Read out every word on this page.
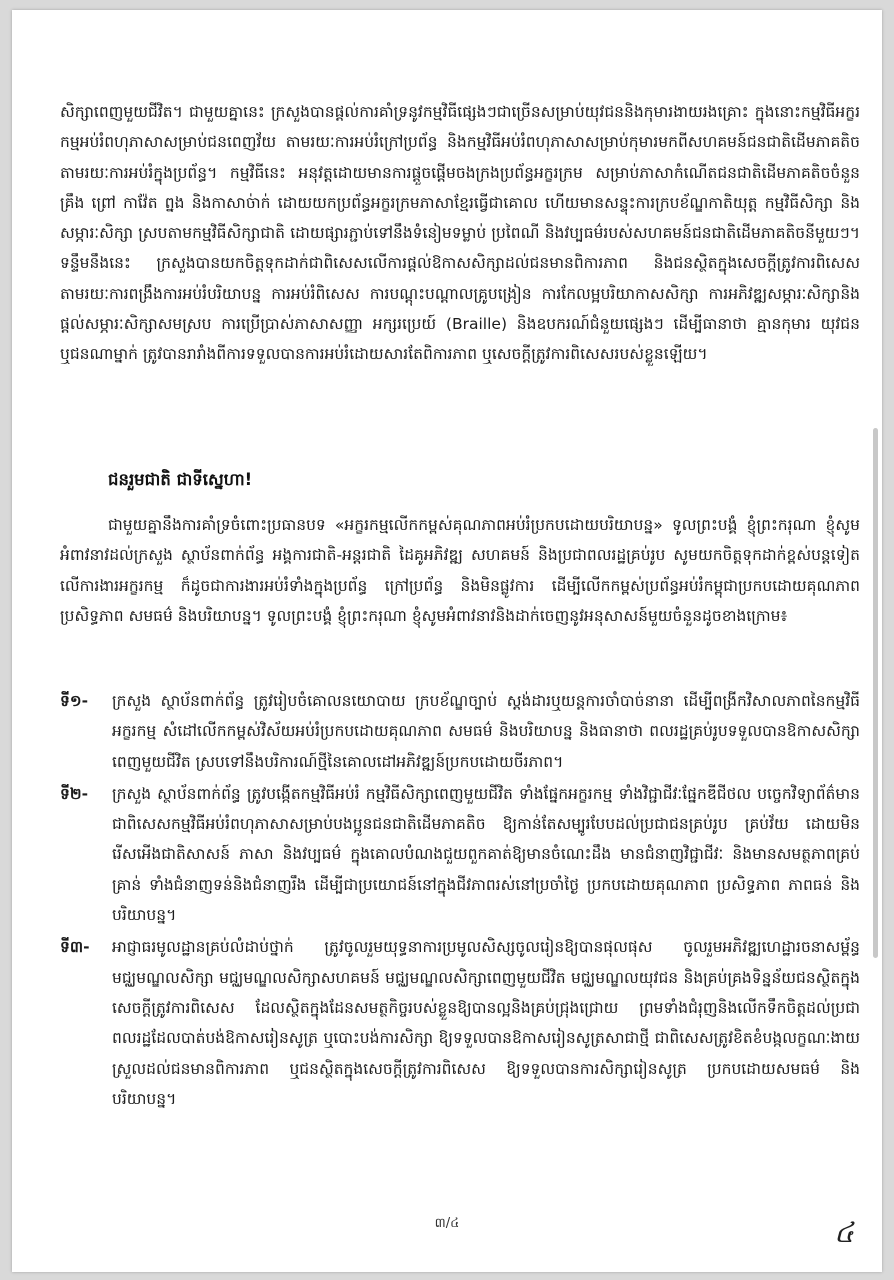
សិក្សាពេញមួយជីវិត។ ជាមួយគ្នានេះ ក្រសួងបានផ្តល់ការគាំទ្រនូវកម្មវិធីផ្សេងៗជាច្រើនសម្រាប់យុវជននិងកុមារងាយរងគ្រោះ ក្នុងនោះកម្មវិធីអក្ខរកម្មអប់រំពហុភាសាសម្រាប់ជនពេញវ័យ តាមរយៈការអប់រំក្រៅប្រព័ន្ធ និងកម្មវិធីអប់រំពហុភាសាសម្រាប់កុមារមកពីសហគមន៍ជនជាតិដើមភាគតិច តាមរយៈការអប់រំក្នុងប្រព័ន្ធ។ កម្មវិធីនេះ អនុវត្តដោយមានការផ្តួចផ្តើមចងក្រងប្រព័ន្ធអក្ខរក្រម សម្រាប់ភាសាកំណើតជនជាតិដើមភាគតិចចំនួន គ្រឹង ព្រៅ កាវ៉ែត ព្នង និងកាសាច់ាក់ ដោយយកប្រព័ន្ធអក្ខរក្រមភាសាខ្មែរធ្វើជាគោល ហើយមានសន្ទុះការក្របខ័ណ្ឌកាតិយុត្ត កម្មវិធីសិក្សា និងសម្ភារៈសិក្សា ស្របតាមកម្មវិធីសិក្សាជាតិ ដោយផ្សារភ្ជាប់ទៅនឹងទំនៀមទម្លាប់ ប្រពៃណី និងវប្បធម៌របស់សហគមន៍ជនជាតិដើមភាគតិចនីមួយៗ។ ទន្ទឹមនឹងនេះ ក្រសួងបានយកចិត្តទុកដាក់ជាពិសេសលើការផ្តល់ឱកាសសិក្សាដល់ជនមានពិការភាព និងជនស្ថិតក្នុងសេចក្តីត្រូវការពិសេស តាមរយៈការពង្រឹងការអប់រំបរិយាបន្ន ការអប់រំពិសេស ការបណ្តុះបណ្តាលគ្រូបង្រៀន ការកែលម្អបរិយាកាសសិក្សា ការអភិវឌ្ឍសម្ភារៈសិក្សានិងផ្តល់សម្ភារៈសិក្សាសមស្រប ការប្រើប្រាស់ភាសាសញ្ញា អក្សរប្រេយ៍ (Braille) និងឧបករណ៍ជំនួយផ្សេងៗ ដើម្បីធានាថា គ្មានកុមារ យុវជន ឬជនណាម្នាក់ ត្រូវបានរារាំងពីការទទួលបានការអប់រំដោយសារតែពិការភាព ឬសេចក្តីត្រូវការពិសេសរបស់ខ្លួនឡើយ។

ជនរួមជាតិ ជាទីស្នេហា!

ជាមួយគ្នានឹងការគាំទ្រចំពោះប្រធានបទ «អក្ខរកម្មលើកកម្ពស់គុណភាពអប់រំប្រកបដោយបរិយាបន្ន» ទូលព្រះបង្គំ ខ្ញុំព្រះករុណា ខ្ញុំសូមអំពាវនាវដល់ក្រសួង ស្ថាប័នពាក់ព័ន្ធ អង្គការជាតិ-អន្តរជាតិ ដៃគូអភិវឌ្ឍ សហគមន៍ និងប្រជាពលរដ្ឋគ្រប់រូប សូមយកចិត្តទុកដាក់ខ្ពស់បន្តទៀតលើការងារអក្ខរកម្ម ក៏ដូចជាការងារអប់រំទាំងក្នុងប្រព័ន្ធ ក្រៅប្រព័ន្ធ និងមិនផ្លូវការ ដើម្បីលើកកម្ពស់ប្រព័ន្ធអប់រំកម្ពុជាប្រកបដោយគុណភាព ប្រសិទ្ធភាព សមធម៌ និងបរិយាបន្ន។ ទូលព្រះបង្គំ ខ្ញុំព្រះករុណា ខ្ញុំសូមអំពាវនាវនិងដាក់ចេញនូវអនុសាសន៍មួយចំនួនដូចខាងក្រោម៖

ទី១-	ក្រសួង ស្ថាប័នពាក់ព័ន្ធ ត្រូវរៀបចំគោលនយោបាយ ក្របខ័ណ្ឌច្បាប់ ស្តង់ដារឬយន្តការចាំបាច់នានា ដើម្បីពង្រីកវិសាលភាពនៃកម្មវិធីអក្ខរកម្ម សំដៅលើកកម្ពស់វិស័យអប់រំប្រកបដោយគុណភាព សមធម៌ និងបរិយាបន្ន និងធានាថា ពលរដ្ឋគ្រប់រូបទទួលបានឱកាសសិក្សាពេញមួយជីវិត ស្របទៅនឹងបរិការណ៍ថ្មីនៃគោលដៅអភិវឌ្ឍន៍ប្រកបដោយចីរភាព។
ទី២-	ក្រសួង ស្ថាប័នពាក់ព័ន្ធ ត្រូវបង្កើតកម្មវិធីអប់រំ កម្មវិធីសិក្សាពេញមួយជីវិត ទាំងផ្នែកអក្ខរកម្ម ទាំងវិជ្ជាជីវៈផ្នែកឌីជីថល បច្ចេកវិទ្យាព័ត៌មាន ជាពិសេសកម្មវិធីអប់រំពហុភាសាសម្រាប់បងប្អូនជនជាតិដើមភាគតិច ឱ្យកាន់តែសម្បូរបែបដល់ប្រជាជនគ្រប់រូប គ្រប់វ័យ ដោយមិនរើសអើងជាតិសាសន៍ ភាសា និងវប្បធម៌ ក្នុងគោលបំណងជួយពួកគាត់ឱ្យមានចំណេះដឹង មានជំនាញវិជ្ជាជីវៈ និងមានសមត្ថភាពគ្រប់គ្រាន់ ទាំងជំនាញទន់និងជំនាញរឹង ដើម្បីជាប្រយោជន៍នៅក្នុងជីវភាពរស់នៅប្រចាំថ្ងៃ ប្រកបដោយគុណភាព ប្រសិទ្ធភាព ភាពធន់ និងបរិយាបន្ន។
ទី៣-	អាជ្ញាធរមូលដ្ឋានគ្រប់លំដាប់ថ្នាក់ ត្រូវចូលរួមយុទ្ធនាការប្រមូលសិស្សចូលរៀនឱ្យបានផុលផុស ចូលរួមអភិវឌ្ឍហេដ្ឋារចនាសម្ព័ន្ធមជ្ឈមណ្ឌលសិក្សា មជ្ឈមណ្ឌលសិក្សាសហគមន៍ មជ្ឈមណ្ឌលសិក្សាពេញមួយជីវិត មជ្ឈមណ្ឌលយុវជន និងគ្រប់គ្រងទិន្នន័យជនស្ថិតក្នុងសេចក្តីត្រូវការពិសេស ដែលស្ថិតក្នុងដែនសមត្ថកិច្ចរបស់ខ្លួនឱ្យបានល្អនិងគ្រប់ជ្រុងជ្រោយ ព្រមទាំងជំរុញនិងលើកទឹកចិត្តដល់ប្រជាពលរដ្ឋដែលបាត់បង់ឱកាសរៀនសូត្រ ឬបោះបង់ការសិក្សា ឱ្យទទួលបានឱកាសរៀនសូត្រសាជាថ្មី ជាពិសេសត្រូវខិតខំបង្កលក្ខណៈងាយស្រួលដល់ជនមានពិការភាព ឬជនស្ថិតក្នុងសេចក្តីត្រូវការពិសេស ឱ្យទទួលបានការសិក្សារៀនសូត្រ ប្រកបដោយសមធម៌ និងបរិយាបន្ន។
៣/៤	៤
